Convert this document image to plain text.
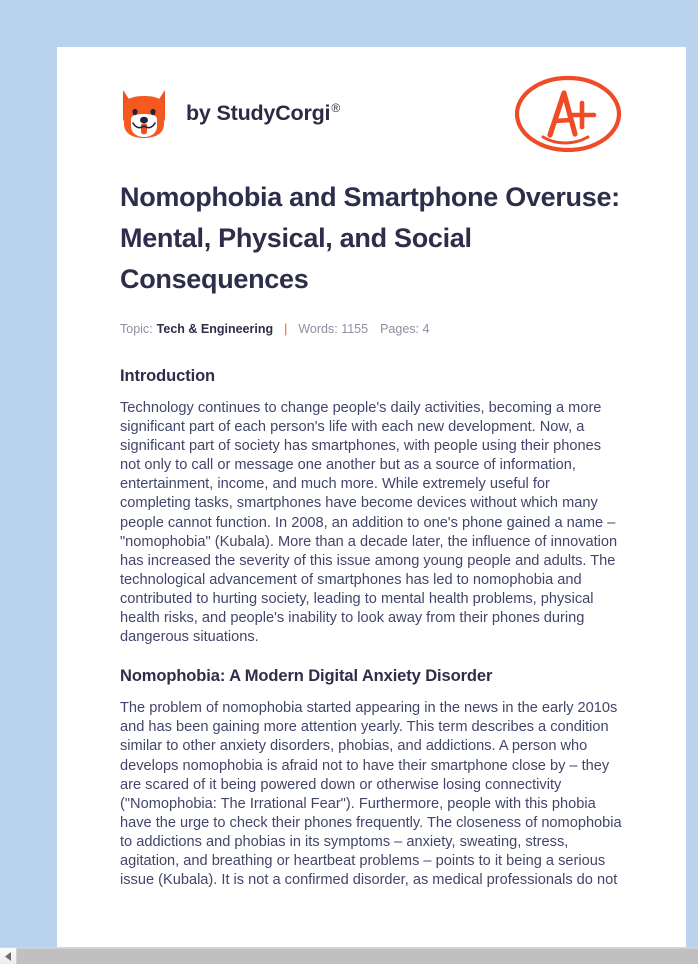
by StudyCorgi®
Nomophobia and Smartphone Overuse: Mental, Physical, and Social Consequences
Topic: Tech & Engineering | Words: 1155 Pages: 4
Introduction

Technology continues to change people's daily activities, becoming a more significant part of each person's life with each new development. Now, a significant part of society has smartphones, with people using their phones not only to call or message one another but as a source of information, entertainment, income, and much more. While extremely useful for completing tasks, smartphones have become devices without which many people cannot function. In 2008, an addition to one's phone gained a name – "nomophobia" (Kubala). More than a decade later, the influence of innovation has increased the severity of this issue among young people and adults. The technological advancement of smartphones has led to nomophobia and contributed to hurting society, leading to mental health problems, physical health risks, and people's inability to look away from their phones during dangerous situations.

Nomophobia: A Modern Digital Anxiety Disorder

The problem of nomophobia started appearing in the news in the early 2010s and has been gaining more attention yearly. This term describes a condition similar to other anxiety disorders, phobias, and addictions. A person who develops nomophobia is afraid not to have their smartphone close by – they are scared of it being powered down or otherwise losing connectivity ("Nomophobia: The Irrational Fear"). Furthermore, people with this phobia have the urge to check their phones frequently. The closeness of nomophobia to addictions and phobias in its symptoms – anxiety, sweating, stress, agitation, and breathing or heartbeat problems – points to it being a serious issue (Kubala). It is not a confirmed disorder, as medical professionals do not
